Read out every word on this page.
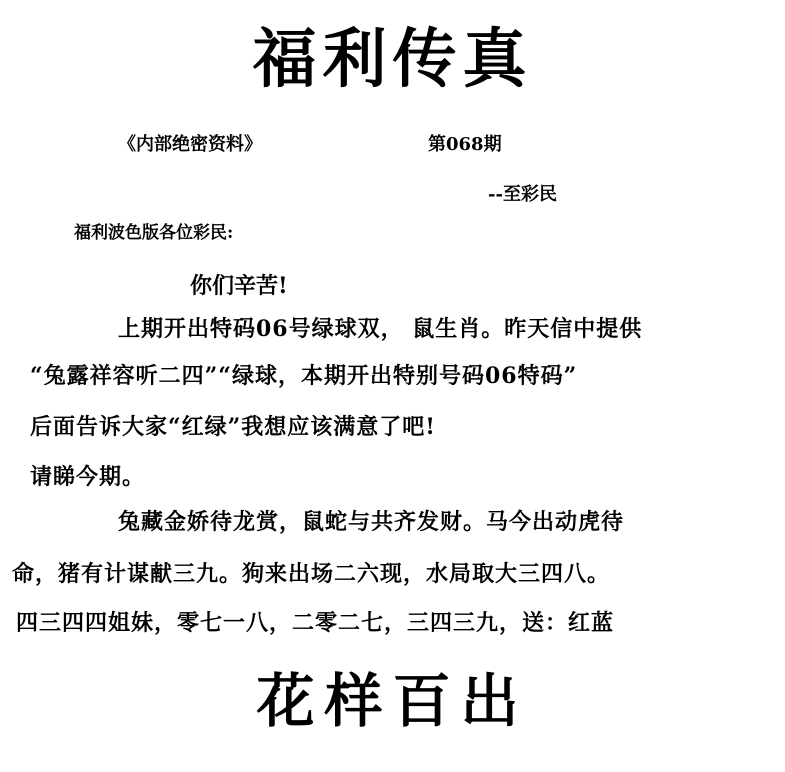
福利传真
《内部绝密资料》	第068期
--至彩民
福利波色版各位彩民:
你们辛苦!
上期开出特码06号绿球双， 鼠生肖。昨天信中提供
“兔露祥容听二四”“绿球，本期开出特别号码06特码”
后面告诉大家“红绿”我想应该满意了吧!
请睇今期。
兔藏金娇待龙赏，鼠蛇与共齐发财。马今出动虎待
命，猪有计谋献三九。狗来出场二六现，水局取大三四八。
四三四四姐妹，零七一八，二零二七，三四三九，送：红蓝
花样百出
